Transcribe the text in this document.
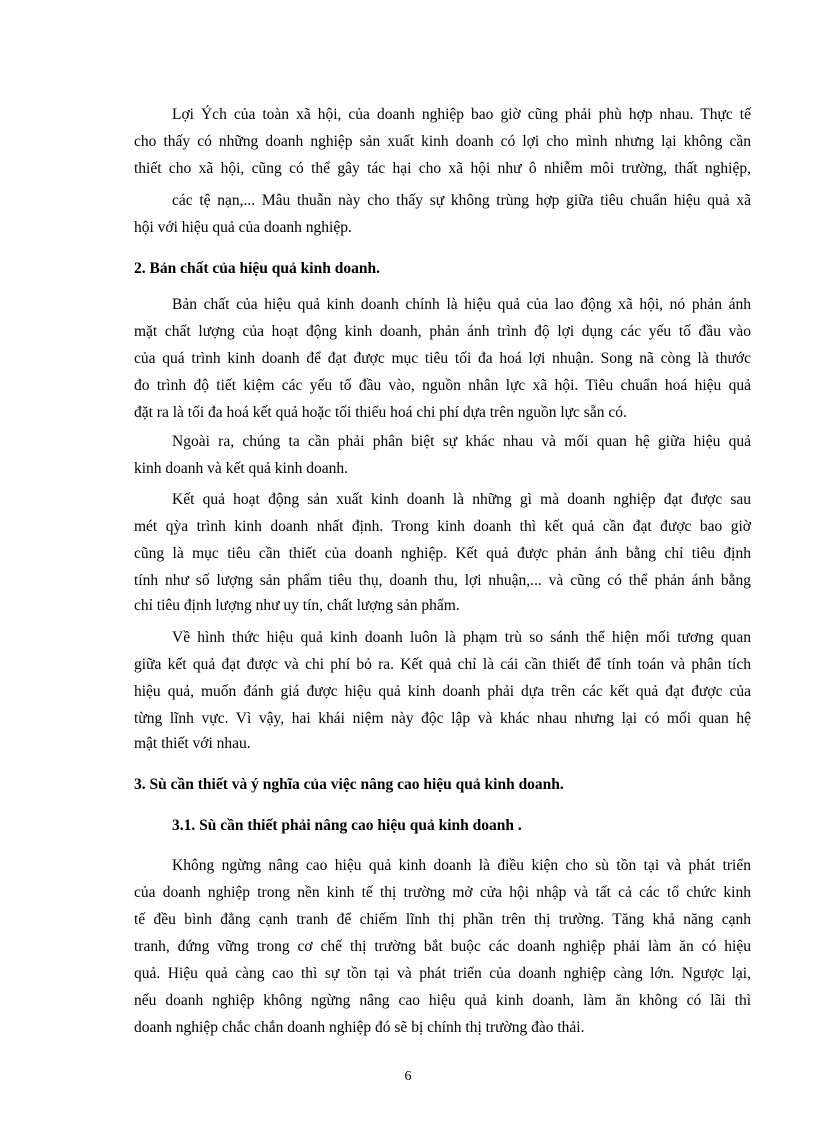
Lợi Ých của toàn xã hội, của doanh nghiệp bao giờ cũng phải phù hợp nhau. Thực tế
cho thấy có những doanh nghiệp sản xuất kinh doanh có lợi cho mình nhưng lại không cần
thiết cho xã hội, cũng có thể gây tác hại cho xã hội như ô nhiễm môi trường, thất nghiệp,
các tệ nạn,... Mâu thuẫn này cho thấy sự không trùng hợp giữa tiêu chuẩn hiệu quả xã
hội với hiệu quả của doanh nghiệp.
2. Bản chất của hiệu quả kinh doanh.
Bản chất của hiệu quả kinh doanh chính là hiệu quả của lao động xã hội, nó phản ánh
mặt chất lượng của hoạt động kinh doanh, phản ánh trình độ lợi dụng các yếu tố đầu vào
của quá trình kinh doanh để đạt được mục tiêu tối đa hoá lợi nhuận. Song nã còng là thước
đo trình độ tiết kiệm các yếu tố đầu vào, nguồn nhân lực xã hội. Tiêu chuẩn hoá hiệu quả
đặt ra là tối đa hoá kết quả hoặc tối thiểu hoá chi phí dựa trên nguồn lực sẵn có.
Ngoài ra, chúng ta cần phải phân biệt sự khác nhau và mối quan hệ giữa hiệu quả
kinh doanh và kết quả kinh doanh.
Kết quả hoạt động sản xuất kinh doanh là những gì mà doanh nghiệp đạt được sau
mét qỳa trình kinh doanh nhất định. Trong kinh doanh thì kết quả cần đạt được bao giờ
cũng là mục tiêu cần thiết của doanh nghiệp. Kết quả được phản ánh bằng chỉ tiêu định
tính như số lượng sản phẩm tiêu thụ, doanh thu, lợi nhuận,... và cũng có thể phản ánh bằng
chỉ tiêu định lượng như uy tín, chất lượng sản phẩm.
Về hình thức hiệu quả kinh doanh luôn là phạm trù so sánh thể hiện mối tương quan
giữa kết quả đạt được và chi phí bỏ ra. Kết quả chỉ là cái cần thiết để tính toán và phân tích
hiệu quả, muốn đánh giá được hiệu quả kinh doanh phải dựa trên các kết quả đạt được của
từng lĩnh vực. Vì vậy, hai khái niệm này độc lập và khác nhau nhưng lại có mối quan hệ
mật thiết với nhau.
3. Sù cần thiết và ý nghĩa của việc nâng cao hiệu quả kinh doanh.
3.1. Sù cần thiết phải nâng cao hiệu quả kinh doanh .
Không ngừng nâng cao hiệu quả kinh doanh là điều kiện cho sù tồn tại và phát triển
của doanh nghiệp trong nền kinh tế thị trường mở cửa hội nhập và tất cả các tổ chức kinh
tế đều bình đẳng cạnh tranh để chiếm lĩnh thị phần trên thị trường. Tăng khả năng cạnh
tranh, đứng vững trong cơ chế thị trường bắt buộc các doanh nghiệp phải làm ăn có hiệu
quả. Hiệu quả càng cao thì sự tồn tại và phát triển của doanh nghiệp càng lớn. Ngược lại,
nếu doanh nghiệp không ngừng nâng cao hiệu quả kinh doanh, làm ăn không có lãi thì
doanh nghiệp chắc chắn doanh nghiệp đó sẽ bị chính thị trường đào thải.
6
